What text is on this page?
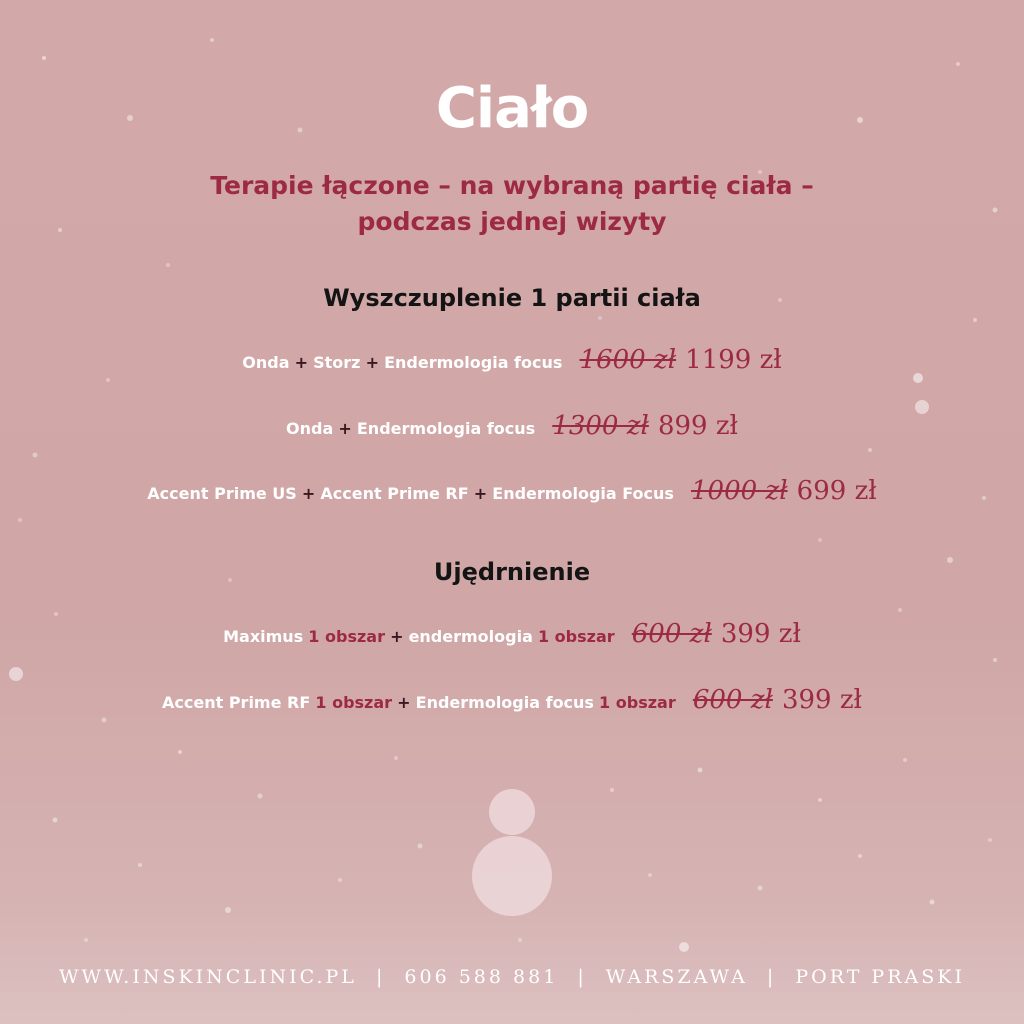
Ciało
Terapie łączone – na wybraną partię ciała –
podczas jednej wizyty
Wyszczuplenie 1 partii ciała
Onda + Storz + Endermologia focus 1600 zł 1199 zł
Onda + Endermologia focus 1300 zł 899 zł
Accent Prime US + Accent Prime RF + Endermologia Focus 1000 zł 699 zł
Ujędrnienie
Maximus 1 obszar + endermologia 1 obszar 600 zł 399 zł
Accent Prime RF 1 obszar + Endermologia focus 1 obszar 600 zł 399 zł
WWW.INSKINCLINIC.PL | 606 588 881 | WARSZAWA | PORT PRASKI
